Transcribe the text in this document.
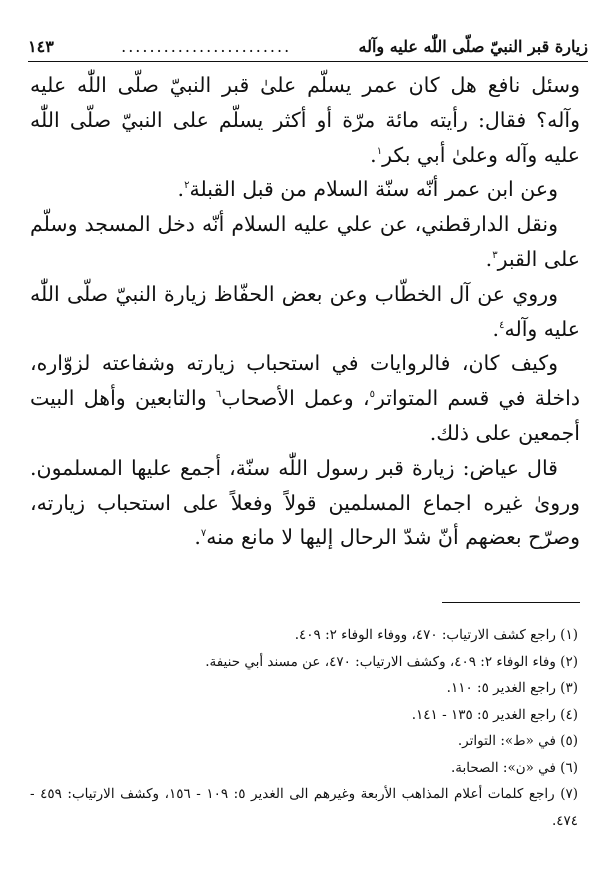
زيارة قبر النبيّ صلّى اللّٰه عليه وآله
........................
١٤٣

وسئل نافع هل كان عمر يسلّم علىٰ قبر النبيّ صلّى اللّٰه عليه وآله؟ فقال: رأيته مائة مرّة أو أكثر يسلّم على النبيّ صلّى اللّٰه عليه وآله وعلىٰ أبي بكر$^١$.

وعن ابن عمر أنّه سنّة السلام من قبل القبلة$^٢$.

ونقل الدارقطني، عن علي عليه السلام أنّه دخل المسجد وسلّم على القبر$^٣$.

وروي عن آل الخطّاب وعن بعض الحفّاظ زيارة النبيّ صلّى اللّٰه عليه وآله$^٤$.

وكيف كان، فالروايات في استحباب زيارته وشفاعته لزوّاره، داخلة في قسم المتواتر$^٥$، وعمل الأصحاب$^٦$ والتابعين وأهل البيت أجمعين على ذلك.

قال عياض: زيارة قبر رسول اللّٰه سنّة، أجمع عليها المسلمون. وروىٰ غيره اجماع المسلمين قولاً وفعلاً على استحباب زيارته، وصرّح بعضهم أنّ شدّ الرحال إليها لا مانع منه$^٧$.

(١) راجع كشف الارتياب: ٤٧٠، ووفاء الوفاء ٢: ٤٠٩.

(٢) وفاء الوفاء ٢: ٤٠٩، وكشف الارتياب: ٤٧٠، عن مسند أبي حنيفة.

(٣) راجع الغدير ٥: ١١٠.

(٤) راجع الغدير ٥: ١٣٥ - ١٤١.

(٥) في «ط»: التواتر.

(٦) في «ن»: الصحابة.

(٧) راجع كلمات أعلام المذاهب الأربعة وغيرهم الى الغدير ٥: ١٠٩ - ١٥٦، وكشف الارتياب: ٤٥٩ - ٤٧٤.
